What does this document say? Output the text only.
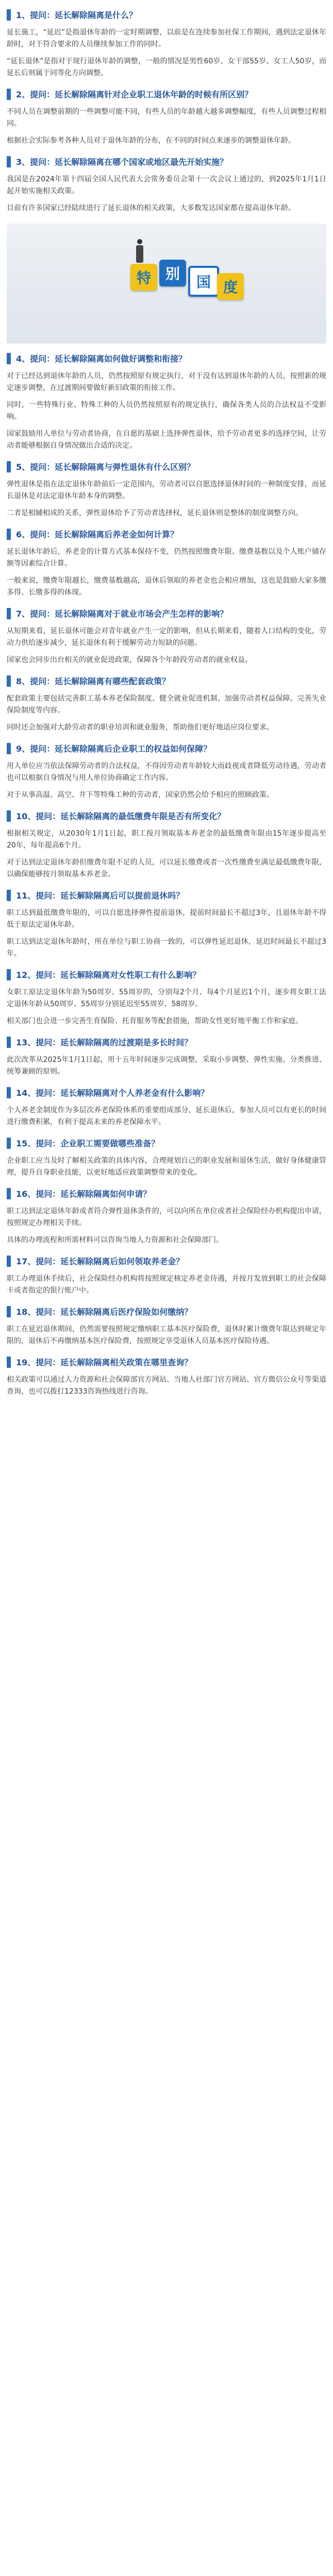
1、提问：延长解除隔离是什么？

延长施工，“延迟”是指退休年龄的一定时期调整，以前是在连续参加社保工作期间，遇到法定退休年龄时，对于符合要求的人员继续参加工作的同时。

“延长退休”是指对于现行退休年龄的调整，一般的情况是男性60岁、女干部55岁、女工人50岁，而延长后则属于同等化方向调整。

2、提问：延长解除隔离针对企业职工退休年龄的时候有所区别？

不同人员在调整前期的一些调整可能不同，有些人员的年龄越大越多调整幅度，有些人员调整过程相同。

根据社会实际参考各种人员对于退休年龄的分布，在不同的时间点来逐步的调整退休年龄。

3、提问：延长解除隔离在哪个国家或地区最先开始实施？

我国是在2024年第十四届全国人民代表大会常务委员会第十一次会议上通过的，到2025年1月1日起开始实施相关政策。

目前有许多国家已经陆续进行了延长退休的相关政策，大多数发达国家都在提高退休年龄。

特 别	国 度
4、提问：延长解除隔离如何做好调整和衔接？

对于已经达到退休年龄的人员，仍然按照原有规定执行，对于没有达到退休年龄的人员，按照新的规定逐步调整，在过渡期间要做好新旧政策的衔接工作。

同时，一些特殊行业、特殊工种的人员仍然按照原有的规定执行，确保各类人员的合法权益不受影响。

国家鼓励用人单位与劳动者协商，在自愿的基础上选择弹性退休，给予劳动者更多的选择空间，让劳动者能够根据自身情况做出合适的决定。

5、提问：延长解除隔离与弹性退休有什么区别？

弹性退休是指在法定退休年龄前后一定范围内，劳动者可以自愿选择退休时间的一种制度安排，而延长退休是对法定退休年龄本身的调整。

二者是相辅相成的关系，弹性退休给予了劳动者选择权，延长退休则是整体的制度调整方向。

6、提问：延长解除隔离后养老金如何计算？

延长退休年龄后，养老金的计算方式基本保持不变，仍然按照缴费年限、缴费基数以及个人账户储存额等因素综合计算。

一般来说，缴费年限越长，缴费基数越高，退休后领取的养老金也会相应增加，这也是鼓励大家多缴多得、长缴多得的体现。

7、提问：延长解除隔离对于就业市场会产生怎样的影响？

从短期来看，延长退休可能会对青年就业产生一定的影响，但从长期来看，随着人口结构的变化，劳动力供给逐步减少，延长退休有利于缓解劳动力短缺的问题。

国家也会同步出台相关的就业促进政策，保障各个年龄段劳动者的就业权益。

8、提问：延长解除隔离有哪些配套政策？

配套政策主要包括完善职工基本养老保险制度、健全就业促进机制、加强劳动者权益保障、完善失业保险制度等内容。

同时还会加强对大龄劳动者的职业培训和就业服务，帮助他们更好地适应岗位要求。

9、提问：延长解除隔离后企业职工的权益如何保障？

用人单位应当依法保障劳动者的合法权益，不得因劳动者年龄较大而歧视或者降低劳动待遇，劳动者也可以根据自身情况与用人单位协商确定工作内容。

对于从事高温、高空、井下等特殊工种的劳动者，国家仍然会给予相应的照顾政策。

10、提问：延长解除隔离的最低缴费年限是否有所变化？

根据相关规定，从2030年1月1日起，职工按月领取基本养老金的最低缴费年限由15年逐步提高至20年，每年提高6个月。

对于达到法定退休年龄但缴费年限不足的人员，可以延长缴费或者一次性缴费至满足最低缴费年限，以确保能够按月领取基本养老金。

11、提问：延长解除隔离后可以提前退休吗？

职工达到最低缴费年限的，可以自愿选择弹性提前退休，提前时间最长不超过3年，且退休年龄不得低于原法定退休年龄。

职工达到法定退休年龄时，所在单位与职工协商一致的，可以弹性延迟退休，延迟时间最长不超过3年。

12、提问：延长解除隔离对女性职工有什么影响？

女职工原法定退休年龄为50周岁、55周岁的，分别每2个月、每4个月延迟1个月，逐步将女职工法定退休年龄从50周岁、55周岁分别延迟至55周岁、58周岁。

相关部门也会进一步完善生育保险、托育服务等配套措施，帮助女性更好地平衡工作和家庭。

13、提问：延长解除隔离的过渡期是多长时间？

此次改革从2025年1月1日起，用十五年时间逐步完成调整，采取小步调整、弹性实施、分类推进、统筹兼顾的原则。

14、提问：延长解除隔离对个人养老金有什么影响？

个人养老金制度作为多层次养老保险体系的重要组成部分，延长退休后，参加人员可以有更长的时间进行缴费积累，有利于提高未来的养老保障水平。

15、提问：企业职工需要做哪些准备？

企业职工应当及时了解相关政策的具体内容，合理规划自己的职业发展和退休生活，做好身体健康管理，提升自身职业技能，以更好地适应政策调整带来的变化。

16、提问：延长解除隔离如何申请？

职工达到法定退休年龄或者符合弹性退休条件的，可以向所在单位或者社会保险经办机构提出申请，按照规定办理相关手续。

具体的办理流程和所需材料可以咨询当地人力资源和社会保障部门。

17、提问：延长解除隔离后如何领取养老金？

职工办理退休手续后，社会保险经办机构将按照规定核定养老金待遇，并按月发放到职工的社会保障卡或者指定的银行账户中。

18、提问：延长解除隔离后医疗保险如何缴纳？

职工在延迟退休期间，仍然需要按照规定缴纳职工基本医疗保险费，退休时累计缴费年限达到规定年限的，退休后不再缴纳基本医疗保险费，按照规定享受退休人员基本医疗保险待遇。

19、提问：延长解除隔离相关政策在哪里查询？

相关政策可以通过人力资源和社会保障部官方网站、当地人社部门官方网站、官方微信公众号等渠道查询，也可以拨打12333咨询热线进行咨询。
